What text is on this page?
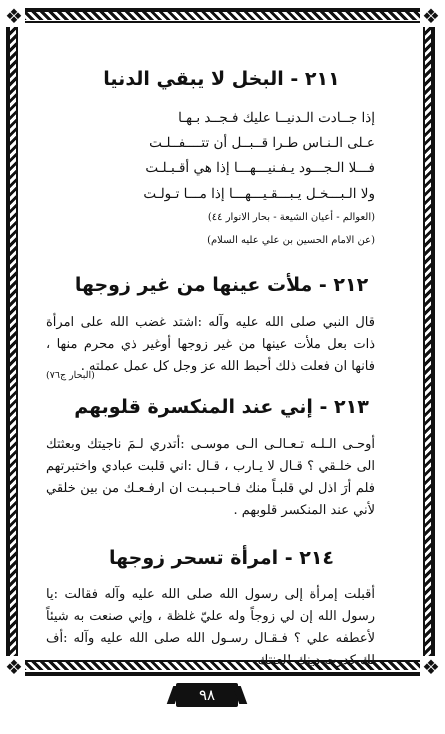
❖	❖
❖	❖
٢١١ - البخل لا يبقي الدنيا

إذا جــادت الـدنيــا عليك فـجــد بـهـا

عـلى الـنـاس طـرا قــبــل أن تتــــفــلـت

فـــلا الـجـــود يـفـنيـــهـــا إذا هي أقـبـلـت

ولا الـبـــخـل يـبـــقـيـــهـــا إذا مـــا تـولـت

(العوالم - أعيان الشيعة - بحار الانوار ٤٤)

(عن الامام الحسين بن علي عليه السلام)

٢١٢ - ملأت عينها من غير زوجها

قال النبي صلى الله عليه وآله :اشتد غضب الله على امرأة ذات بعل ملأت عينها من غير زوجها أوغير ذي محرم منها ، فانها ان فعلت ذلك أحبط الله عز وجل كل عمل عملته .

(البحار ج٧٦)
٢١٣ - إني عند المنكسرة قلوبهم

أوحـى الـلـه تـعـالـى الـى موسـى :أتدري لـمَ ناجيتك وبعثتك الى خلـقي ؟ قـال لا يـارب ، قـال :اني قلبت عبادي واختبرتهم فلم أرَ اذل لي قلبـاً منك فـاحـبـبـت ان ارفـعـك من بين خلقي لأني عند المنكسر قلوبهم .

٢١٤ - امرأة تسحر زوجها

أقبلت إمرأة إلى رسول الله صلى الله عليه وآله فقالت :يا رسول الله إن لي زوجاً وله عليّ غلظة ، وإني صنعت به شيئاً لأعطفه علي ؟ فـقـال رسـول الله صلى الله عليه وآله :أف لك كدرت دينك !لعنتك

٩٨
